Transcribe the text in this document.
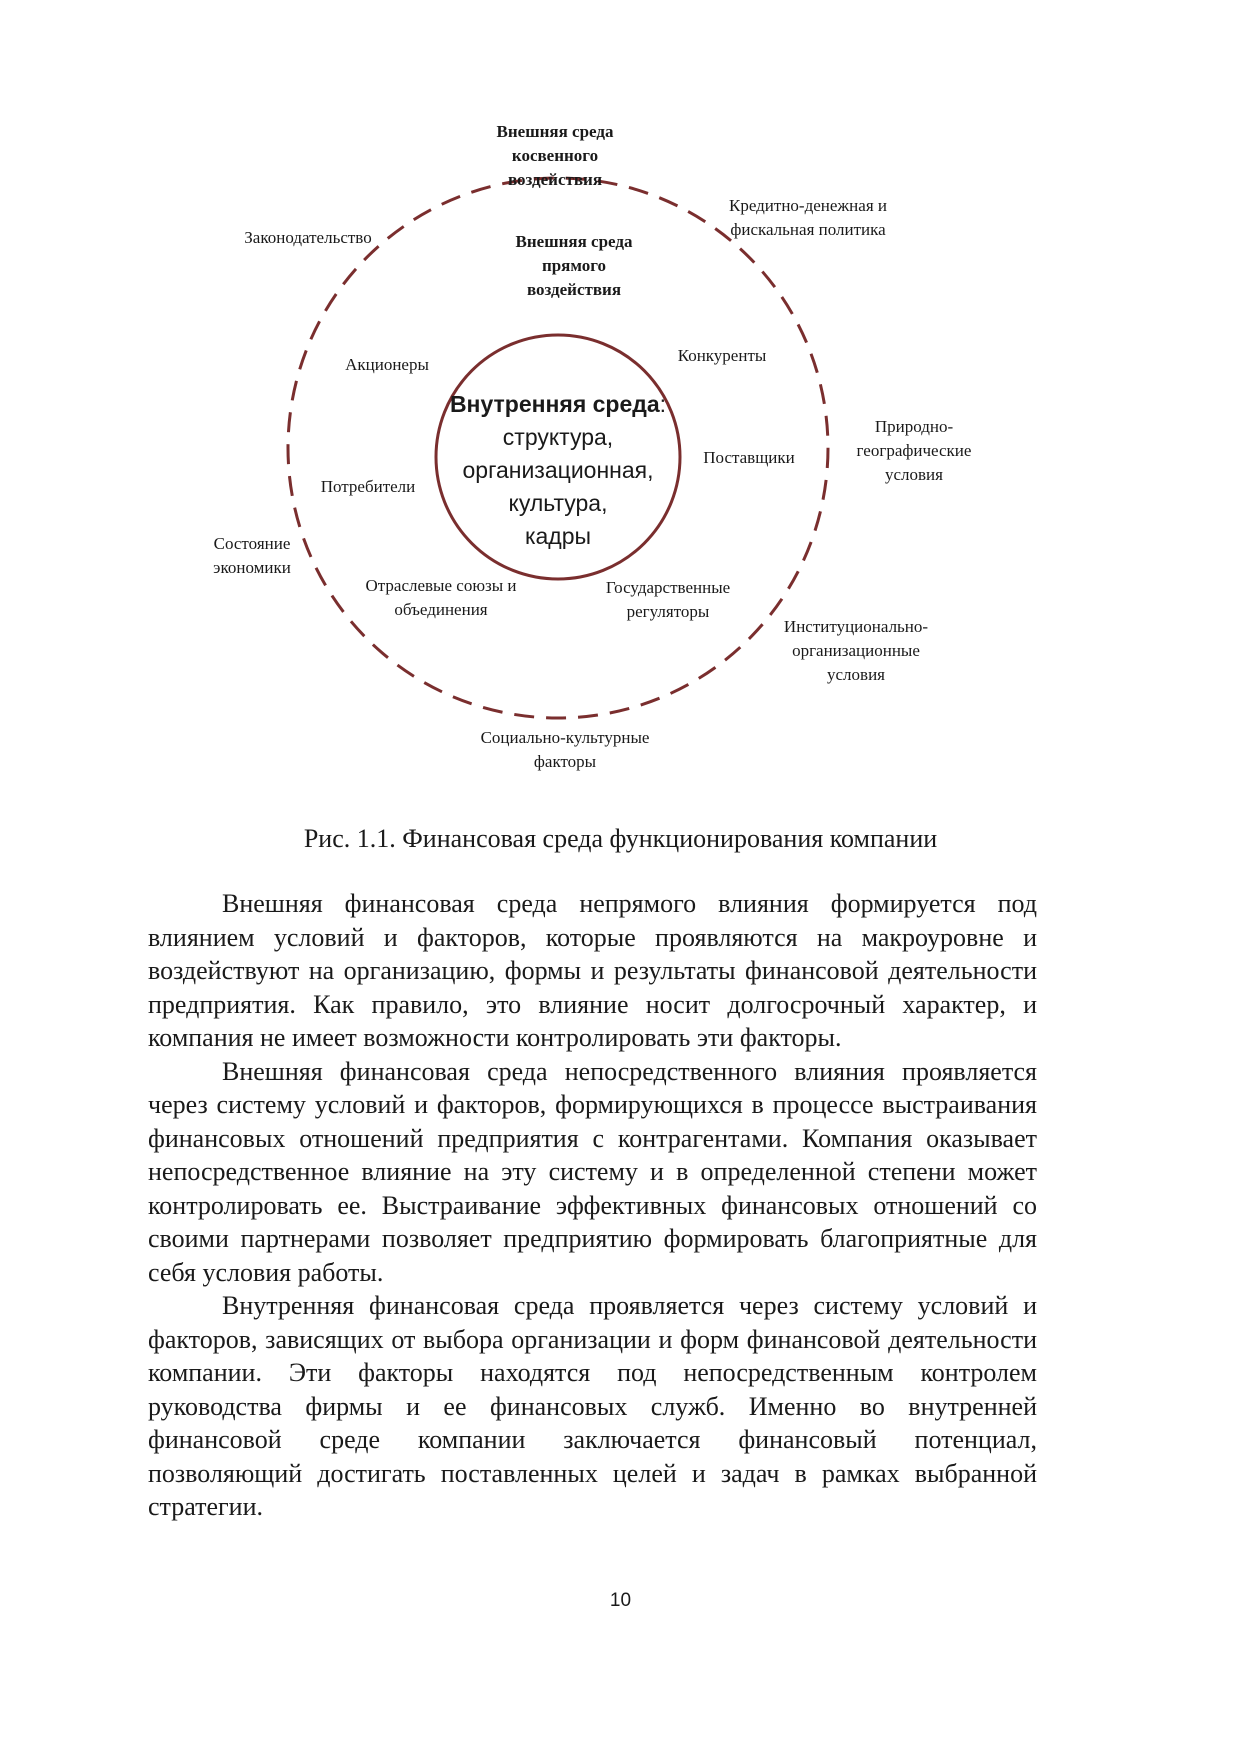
Внешняя среда
косвенного
воздействия
Внешняя среда
прямого
воздействия
Законодательство
Кредитно-денежная и
фискальная политика
Природно-
географические
условия
Состояние
экономики
Институционально-
организационные
условия
Социально-культурные
факторы
Акционеры	Конкуренты
Потребители
Поставщики
Отраслевые союзы и
объединения
Государственные
регуляторы
Внутренняя среда:
структура,
организационная,
культура,
кадры
Рис. 1.1. Финансовая среда функционирования компании

Внешняя финансовая среда непрямого влияния формируется под влиянием условий и факторов, которые проявляются на макроуровне и воздействуют на организацию, формы и результаты финансовой деятельности предприятия. Как правило, это влияние носит долгосрочный характер, и компания не имеет возможности контролировать эти факторы.

Внешняя финансовая среда непосредственного влияния проявляется через систему условий и факторов, формирующихся в процессе выстраивания финансовых отношений предприятия с контрагентами. Компания оказывает непосредственное влияние на эту систему и в определенной степени может контролировать ее. Выстраивание эффективных финансовых отношений со своими партнерами позволяет предприятию формировать благоприятные для себя условия работы.

Внутренняя финансовая среда проявляется через систему условий и факторов, зависящих от выбора организации и форм финансовой деятельности компании. Эти факторы находятся под непосредственным контролем руководства фирмы и ее финансовых служб. Именно во внутренней финансовой среде компании заключается финансовый потенциал, позволяющий достигать поставленных целей и задач в рамках выбранной стратегии.

10
